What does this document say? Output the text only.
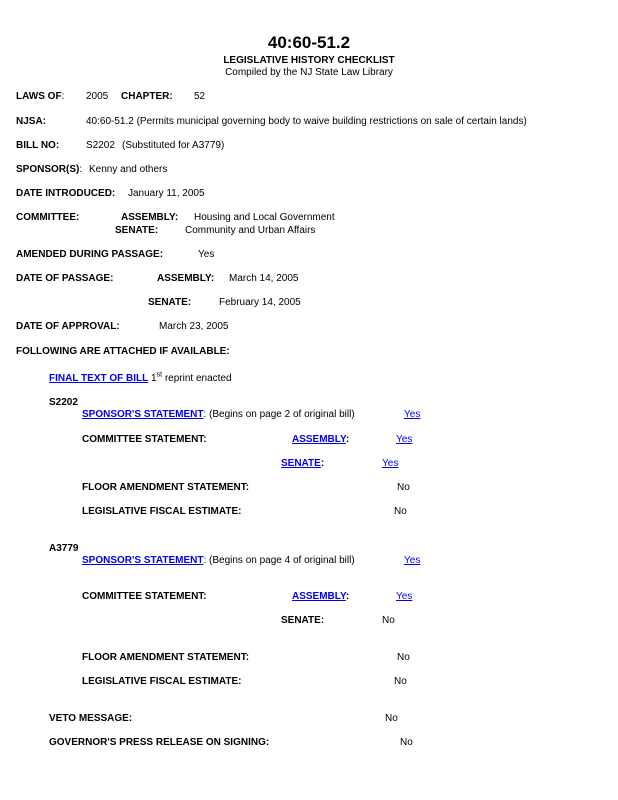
40:60-51.2
LEGISLATIVE HISTORY CHECKLIST
Compiled by the NJ State Law Library
LAWS OF: 2005 CHAPTER: 52
NJSA:	40:60-51.2 (Permits municipal governing body to waive building restrictions on sale of certain lands)
BILL NO:	S2202 (Substituted for A3779)
SPONSOR(S): Kenny and others
DATE INTRODUCED: January 11, 2005
COMMITTEE:	ASSEMBLY: Housing and Local Government
SENATE:	Community and Urban Affairs
AMENDED DURING PASSAGE:	Yes
DATE OF PASSAGE:	ASSEMBLY: March 14, 2005
SENATE:	February 14, 2005
DATE OF APPROVAL:	March 23, 2005
FOLLOWING ARE ATTACHED IF AVAILABLE:
FINAL TEXT OF BILL 1st reprint enacted
S2202
SPONSOR'S STATEMENT: (Begins on page 2 of original bill)	Yes
COMMITTEE STATEMENT:	ASSEMBLY:	Yes
SENATE:	Yes
FLOOR AMENDMENT STATEMENT:	No
LEGISLATIVE FISCAL ESTIMATE:	No
A3779
SPONSOR'S STATEMENT: (Begins on page 4 of original bill)	Yes
COMMITTEE STATEMENT:	ASSEMBLY:	Yes
SENATE:	No
FLOOR AMENDMENT STATEMENT:	No
LEGISLATIVE FISCAL ESTIMATE:	No
VETO MESSAGE:	No
GOVERNOR'S PRESS RELEASE ON SIGNING:	No
